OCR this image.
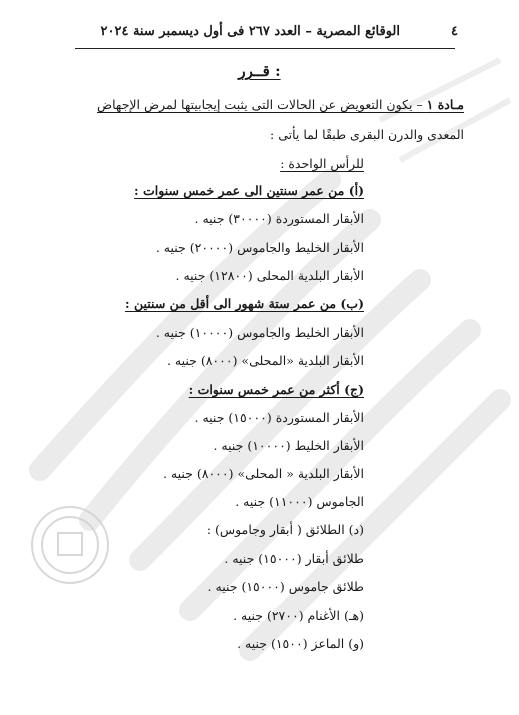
٤
الوقائع المصرية – العدد ٢٦٧ فى أول ديسمبر سنة ٢٠٢٤
قــرر :
مـادة ١ – يكون التعويض عن الحالات التى يثبت إيجابيتها لمرض الإجهاض
المعدى والدرن البقرى طبقًا لما يأتى :
للرأس الواحدة :
(أ) من عمر سنتين الى عمر خمس سنوات :
الأبقار المستوردة (٣٠٠٠٠) جنيه .
الأبقار الخليط والجاموس (٢٠٠٠٠) جنيه .
الأبقار البلدية المحلى (١٢٨٠٠) جنيه .
(ب) من عمر ستة شهور الى أقل من سنتين :
الأبقار الخليط والجاموس (١٠٠٠٠) جنيه .
الأبقار البلدية «المحلى» (٨٠٠٠) جنيه .
(ج) أكثر من عمر خمس سنوات :
الأبقار المستوردة (١٥٠٠٠) جنيه .
الأبقار الخليط (١٠٠٠٠) جنيه .
الأبقار البلدية « المحلى» (٨٠٠٠) جنيه .
الجاموس (١١٠٠٠) جنيه .
(د) الطلائق ( أبقار وجاموس) :
طلائق أبقار (١٥٠٠٠) جنيه .
طلائق جاموس (١٥٠٠٠) جنيه .
(هـ) الأغنام (٢٧٠٠) جنيه .
(و) الماعز (١٥٠٠) جنيه .
